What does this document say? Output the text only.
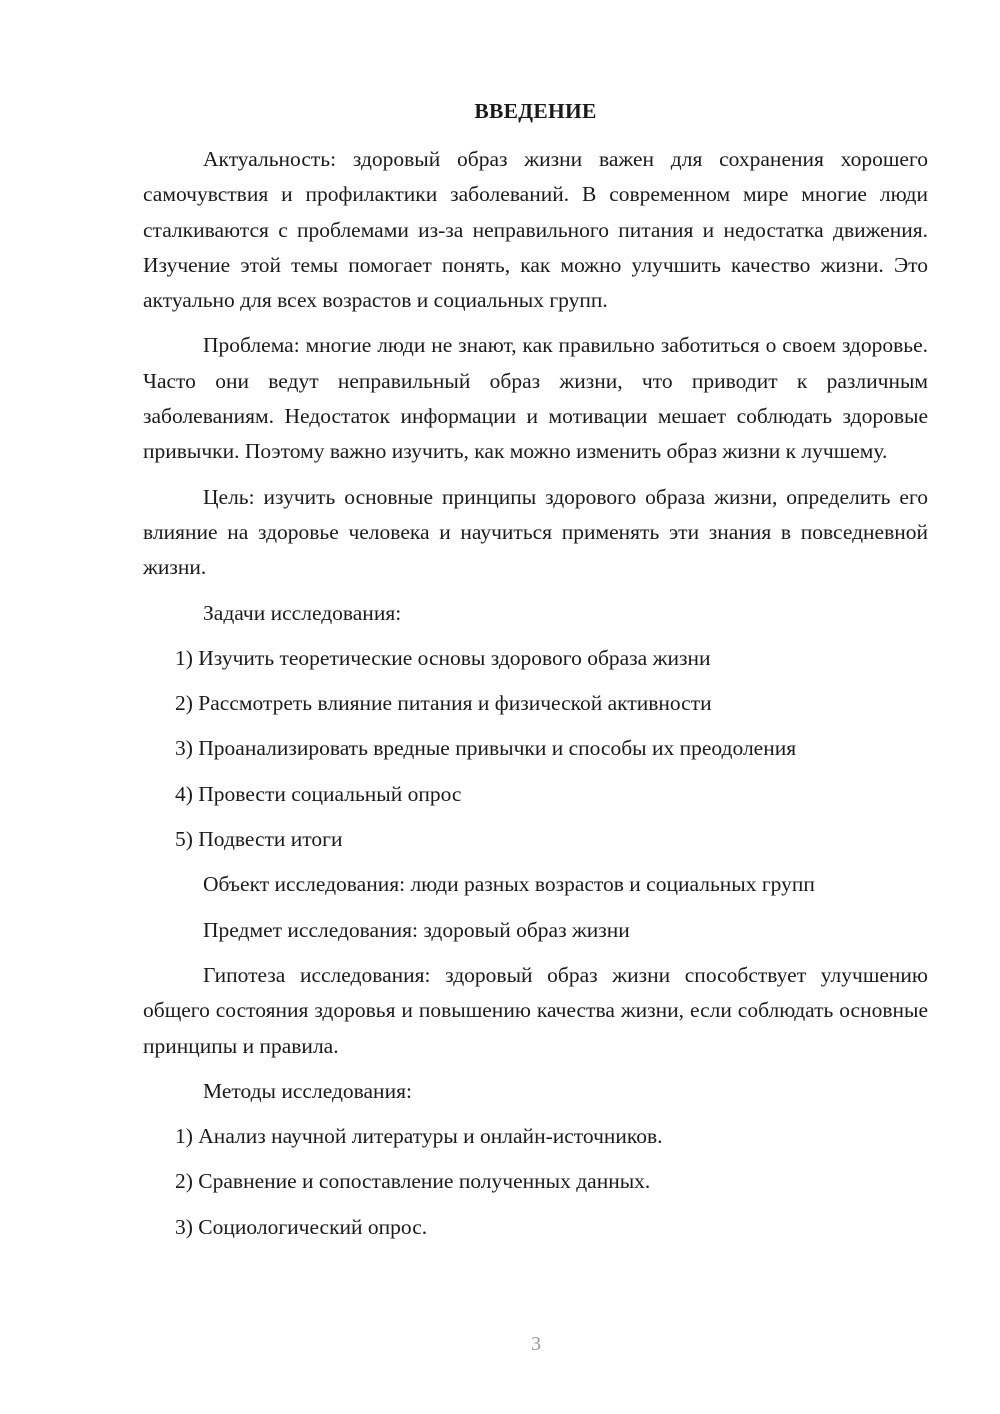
ВВЕДЕНИЕ

Актуальность: здоровый образ жизни важен для сохранения хорошего самочувствия и профилактики заболеваний. В современном мире многие люди сталкиваются с проблемами из-за неправильного питания и недостатка движения. Изучение этой темы помогает понять, как можно улучшить качество жизни. Это актуально для всех возрастов и социальных групп.

Проблема: многие люди не знают, как правильно заботиться о своем здоровье. Часто они ведут неправильный образ жизни, что приводит к различным заболеваниям. Недостаток информации и мотивации мешает соблюдать здоровые привычки. Поэтому важно изучить, как можно изменить образ жизни к лучшему.

Цель: изучить основные принципы здорового образа жизни, определить его влияние на здоровье человека и научиться применять эти знания в повседневной жизни.

Задачи исследования:
1) Изучить теоретические основы здорового образа жизни
2) Рассмотреть влияние питания и физической активности
3) Проанализировать вредные привычки и способы их преодоления
4) Провести социальный опрос
5) Подвести итоги
Объект исследования: люди разных возрастов и социальных групп
Предмет исследования: здоровый образ жизни

Гипотеза исследования: здоровый образ жизни способствует улучшению общего состояния здоровья и повышению качества жизни, если соблюдать основные принципы и правила.

Методы исследования:
1) Анализ научной литературы и онлайн-источников.
2) Сравнение и сопоставление полученных данных.
3) Социологический опрос.
3
